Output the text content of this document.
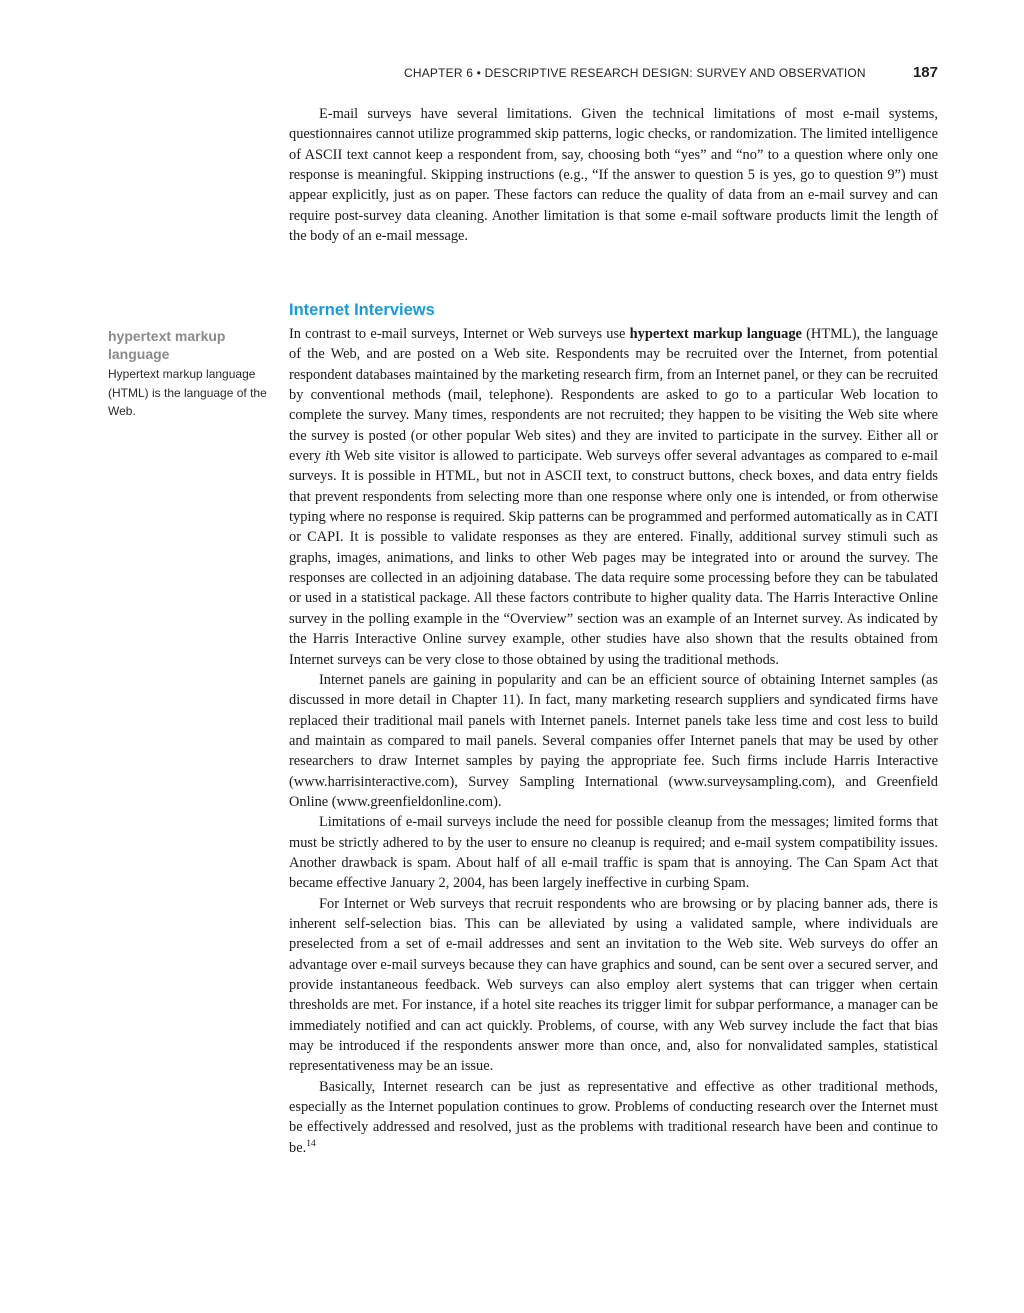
CHAPTER 6 • DESCRIPTIVE RESEARCH DESIGN: SURVEY AND OBSERVATION	187

E-mail surveys have several limitations. Given the technical limitations of most e-mail systems, questionnaires cannot utilize programmed skip patterns, logic checks, or randomization. The limited intelligence of ASCII text cannot keep a respondent from, say, choosing both “yes” and “no” to a question where only one response is meaningful. Skipping instructions (e.g., “If the answer to question 5 is yes, go to question 9”) must appear explicitly, just as on paper. These factors can reduce the quality of data from an e-mail survey and can require post-survey data cleaning. Another limitation is that some e-mail software products limit the length of the body of an e-mail message.

Internet Interviews
hypertext markup language
Hypertext markup language (HTML) is the language of the Web.

In contrast to e-mail surveys, Internet or Web surveys use hypertext markup language (HTML), the language of the Web, and are posted on a Web site. Respondents may be recruited over the Internet, from potential respondent databases maintained by the marketing research firm, from an Internet panel, or they can be recruited by conventional methods (mail, telephone). Respondents are asked to go to a particular Web location to complete the survey. Many times, respondents are not recruited; they happen to be visiting the Web site where the survey is posted (or other popular Web sites) and they are invited to participate in the survey. Either all or every ith Web site visitor is allowed to participate. Web surveys offer several advantages as compared to e-mail surveys. It is possible in HTML, but not in ASCII text, to construct buttons, check boxes, and data entry fields that prevent respondents from selecting more than one response where only one is intended, or from otherwise typing where no response is required. Skip patterns can be programmed and performed automatically as in CATI or CAPI. It is possible to validate responses as they are entered. Finally, additional survey stimuli such as graphs, images, animations, and links to other Web pages may be integrated into or around the survey. The responses are collected in an adjoining database. The data require some processing before they can be tabulated or used in a statistical package. All these factors contribute to higher quality data. The Harris Interactive Online survey in the polling example in the “Overview” section was an example of an Internet survey. As indicated by the Harris Interactive Online survey example, other studies have also shown that the results obtained from Internet surveys can be very close to those obtained by using the traditional methods.

Internet panels are gaining in popularity and can be an efficient source of obtaining Internet samples (as discussed in more detail in Chapter 11). In fact, many marketing research suppliers and syndicated firms have replaced their traditional mail panels with Internet panels. Internet panels take less time and cost less to build and maintain as compared to mail panels. Several companies offer Internet panels that may be used by other researchers to draw Internet samples by paying the appropriate fee. Such firms include Harris Interactive (www.harrisinteractive.com), Survey Sampling International (www.surveysampling.com), and Greenfield Online (www.greenfieldonline.com).

Limitations of e-mail surveys include the need for possible cleanup from the messages; limited forms that must be strictly adhered to by the user to ensure no cleanup is required; and e-mail system compatibility issues. Another drawback is spam. About half of all e-mail traffic is spam that is annoying. The Can Spam Act that became effective January 2, 2004, has been largely ineffective in curbing Spam.

For Internet or Web surveys that recruit respondents who are browsing or by placing banner ads, there is inherent self-selection bias. This can be alleviated by using a validated sample, where individuals are preselected from a set of e-mail addresses and sent an invitation to the Web site. Web surveys do offer an advantage over e-mail surveys because they can have graphics and sound, can be sent over a secured server, and provide instantaneous feedback. Web surveys can also employ alert systems that can trigger when certain thresholds are met. For instance, if a hotel site reaches its trigger limit for subpar performance, a manager can be immediately notified and can act quickly. Problems, of course, with any Web survey include the fact that bias may be introduced if the respondents answer more than once, and, also for nonvalidated samples, statistical representativeness may be an issue.

Basically, Internet research can be just as representative and effective as other traditional methods, especially as the Internet population continues to grow. Problems of conducting research over the Internet must be effectively addressed and resolved, just as the problems with traditional research have been and continue to be.$^{14}$
